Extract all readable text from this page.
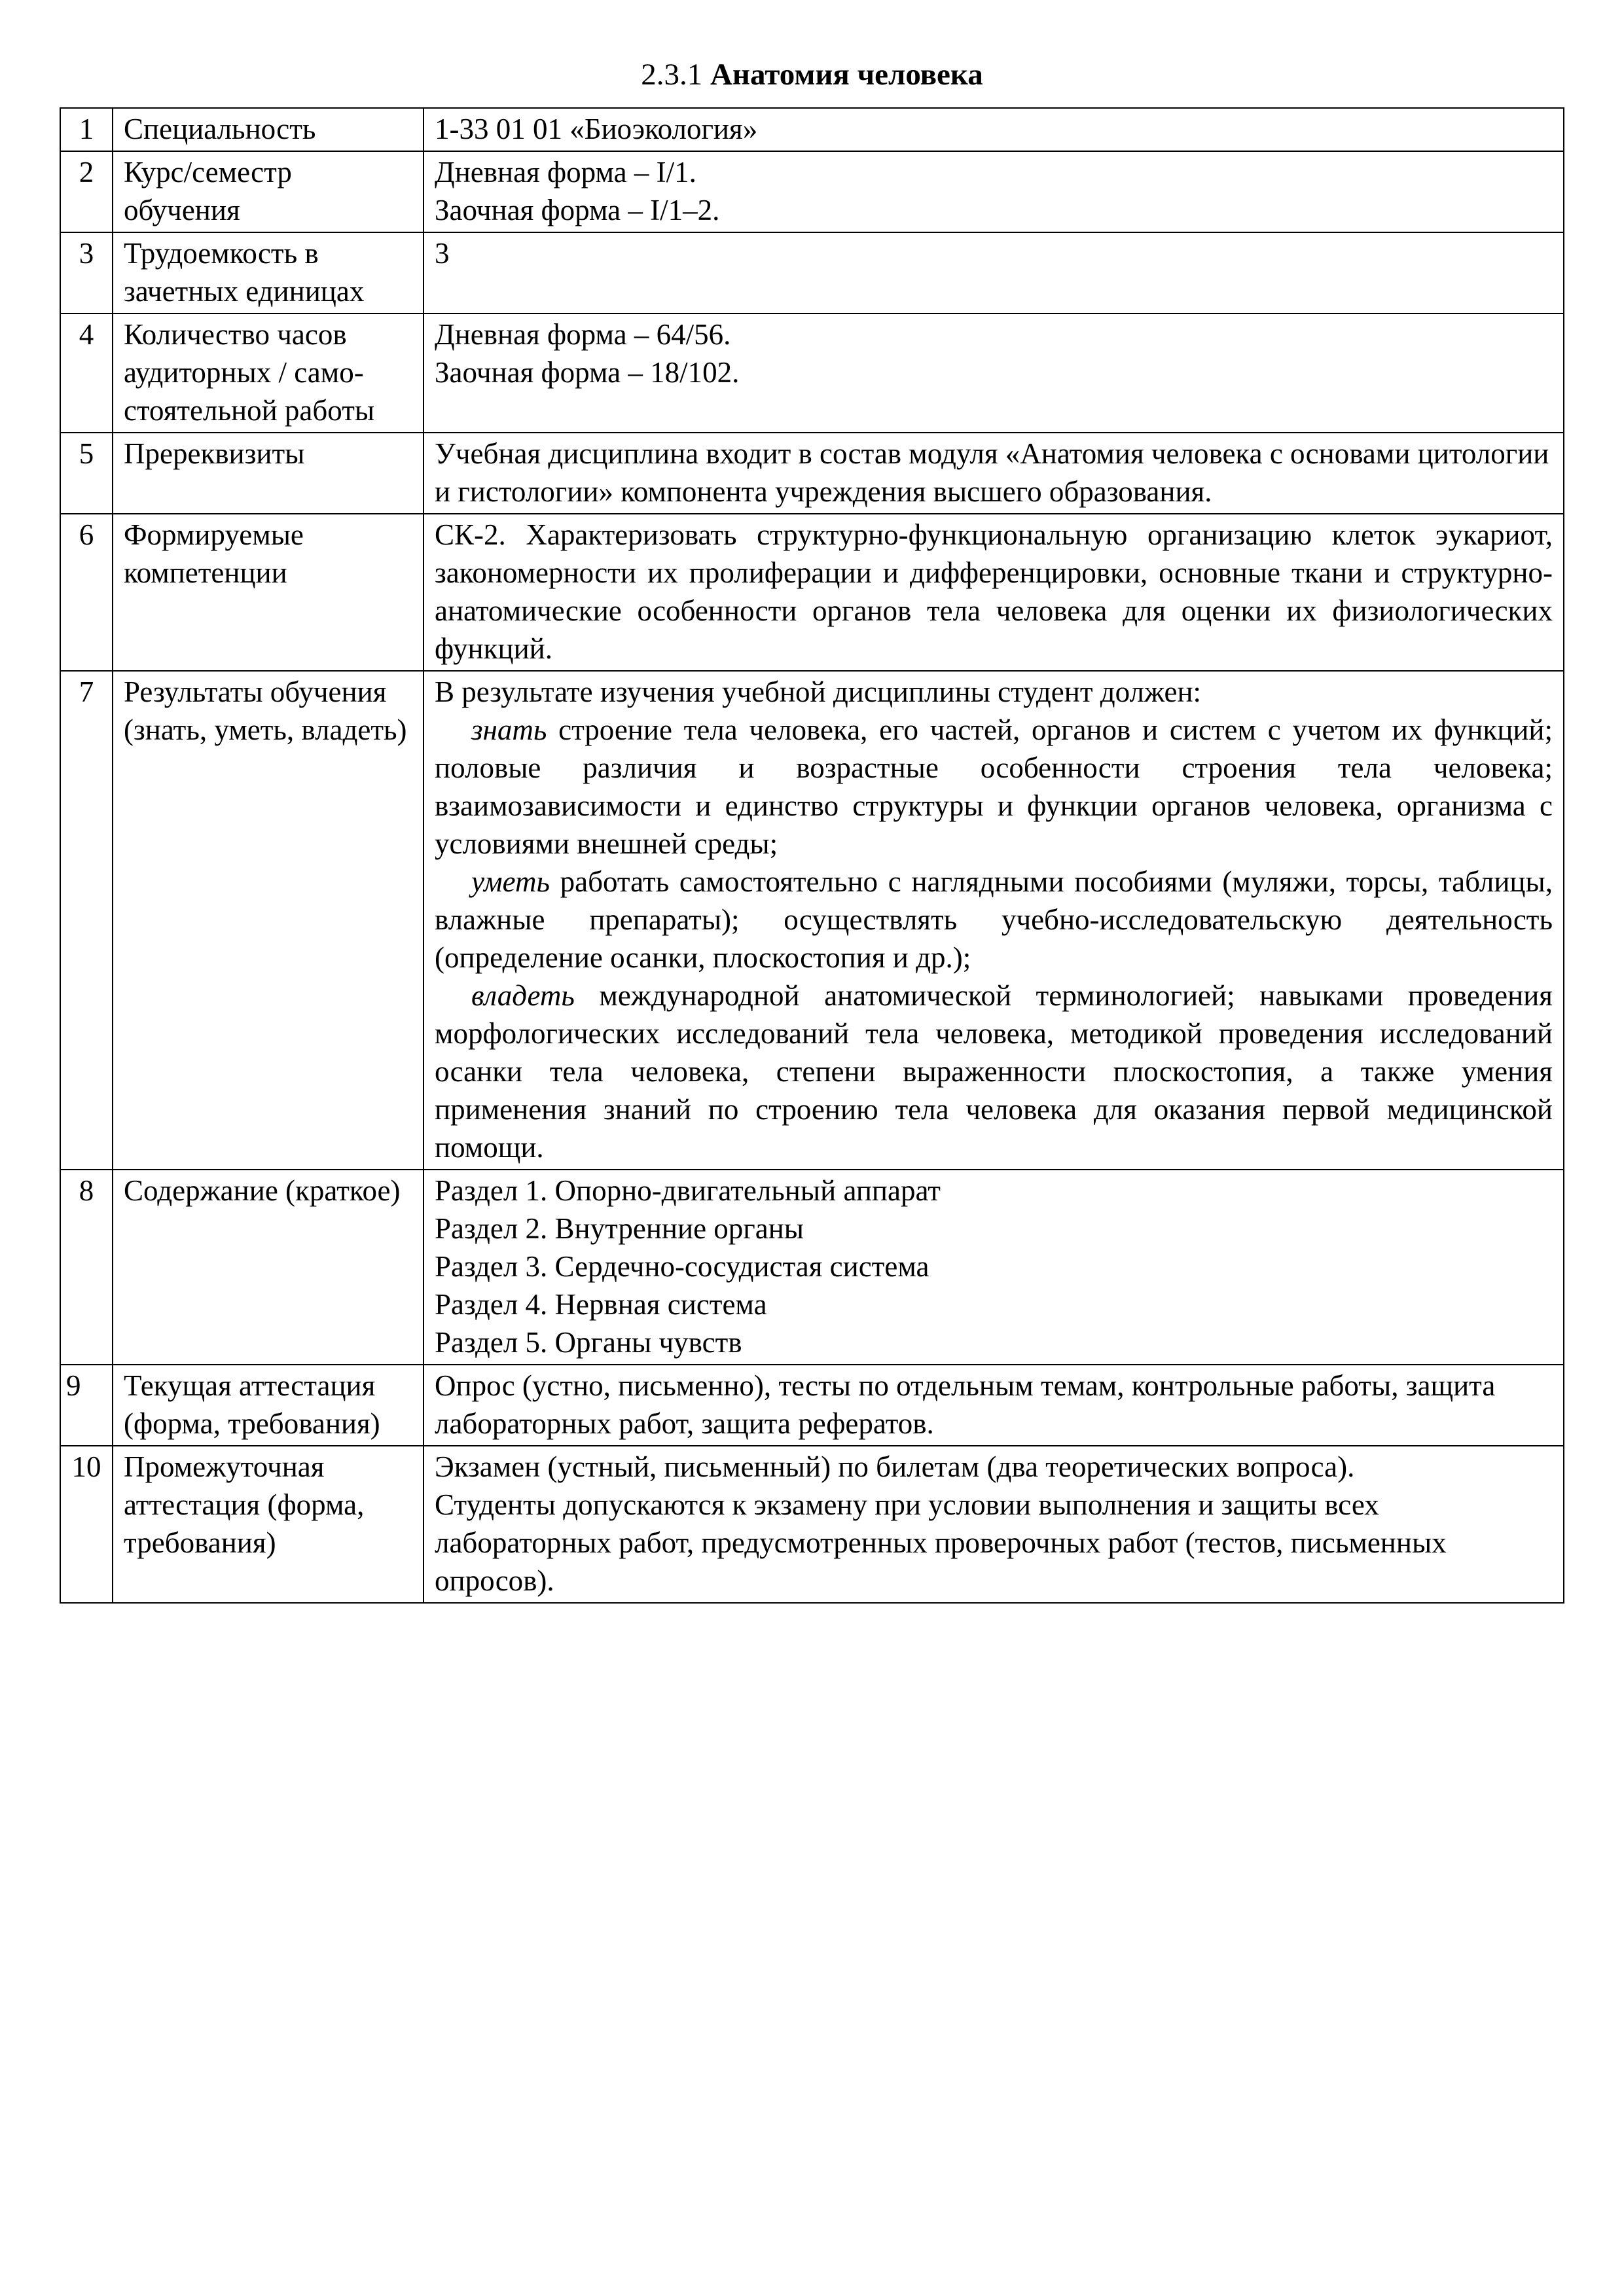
2.3.1 Анатомия человека
1	Специальность	1-33 01 01 «Биоэкология»

2	Курс/семестр обучения	Дневная форма – I/1.

Заочная форма – I/1–2.

3	Трудоемкость в зачетных единицах	3

4	Количество часов аудиторных / само-стоятельной работы	Дневная форма – 64/56.

Заочная форма – 18/102.

5	Пререквизиты	Учебная дисциплина входит в состав модуля «Анатомия человека с основами цитологии и гистологии» компонента учреждения высшего образования.

6	Формируемые компетенции	СК-2. Характеризовать структурно-функциональную организацию клеток эукариот, закономерности их пролиферации и дифференцировки, основные ткани и структурно-анатомические особенности органов тела человека для оценки их физиологических функций.

7	Результаты обучения (знать, уметь, владеть)	В результате изучения учебной дисциплины студент должен:

знать строение тела человека, его частей, органов и систем с учетом их функций; половые различия и возрастные особенности строения тела человека; взаимозависимости и единство структуры и функции органов человека, организма с условиями внешней среды;

уметь работать самостоятельно с наглядными пособиями (муляжи, торсы, таблицы, влажные препараты); осуществлять учебно-исследовательскую деятельность (определение осанки, плоскостопия и др.);

владеть международной анатомической терминологией; навыками проведения морфологических исследований тела человека, методикой проведения исследований осанки тела человека, степени выраженности плоскостопия, а также умения применения знаний по строению тела человека для оказания первой медицинской помощи.

8	Содержание (краткое)	Раздел 1. Опорно-двигательный аппарат

Раздел 2. Внутренние органы

Раздел 3. Сердечно-сосудистая система

Раздел 4. Нервная система

Раздел 5. Органы чувств

9	Текущая аттестация (форма, требования)	Опрос (устно, письменно), тесты по отдельным темам, контрольные работы, защита лабораторных работ, защита рефератов.

10	Промежуточная аттестация (форма, требования)	Экзамен (устный, письменный) по билетам (два теоретических вопроса).

Студенты допускаются к экзамену при условии выполнения и защиты всех лабораторных работ, предусмотренных проверочных работ (тестов, письменных опросов).
